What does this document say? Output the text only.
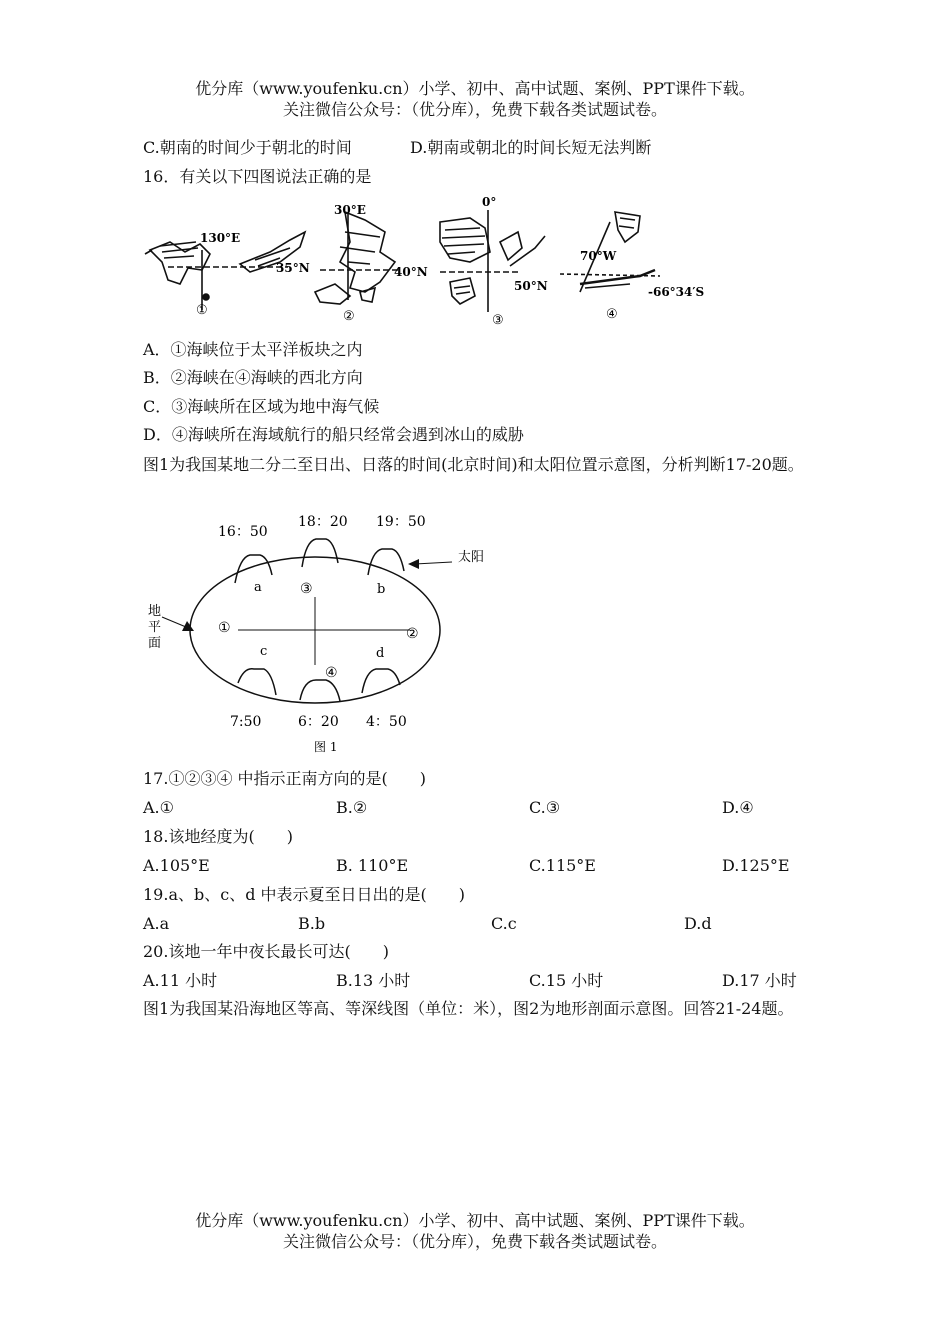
优分库（www.youfenku.cn）小学、初中、高中试题、案例、PPT课件下载。
关注微信公众号：（优分库），免费下载各类试题试卷。
C.朝南的时间少于朝北的时间	D.朝南或朝北的时间长短无法判断
16．有关以下四图说法正确的是
130°E
35°N
①
30°E
40°N
②
0°
50°N
③
70°W
-66°34′S
④
A．①海峡位于太平洋板块之内
B．②海峡在④海峡的西北方向
C．③海峡所在区域为地中海气候
D．④海峡所在海域航行的船只经常会遇到冰山的威胁
图1为我国某地二分二至日出、日落的时间(北京时间)和太阳位置示意图，分析判断17-20题。
16：50
18：20 19：50
7:50	6：20 4：50
太阳
地
平
面
①	②
③
④
a	b
c	d
图 1
17.①②③④ 中指示正南方向的是(　　)
A.①	B.②	C.③	D.④
18.该地经度为(　　)
A.105°E	B. 110°E	C.115°E	D.125°E
19.a、b、c、d 中表示夏至日日出的是(　　)
A.a	B.b	C.c	D.d
20.该地一年中夜长最长可达(　　)
A.11 小时	B.13 小时	C.15 小时	D.17 小时
图1为我国某沿海地区等高、等深线图（单位：米），图2为地形剖面示意图。回答21-24题。
优分库（www.youfenku.cn）小学、初中、高中试题、案例、PPT课件下载。
关注微信公众号：（优分库），免费下载各类试题试卷。
